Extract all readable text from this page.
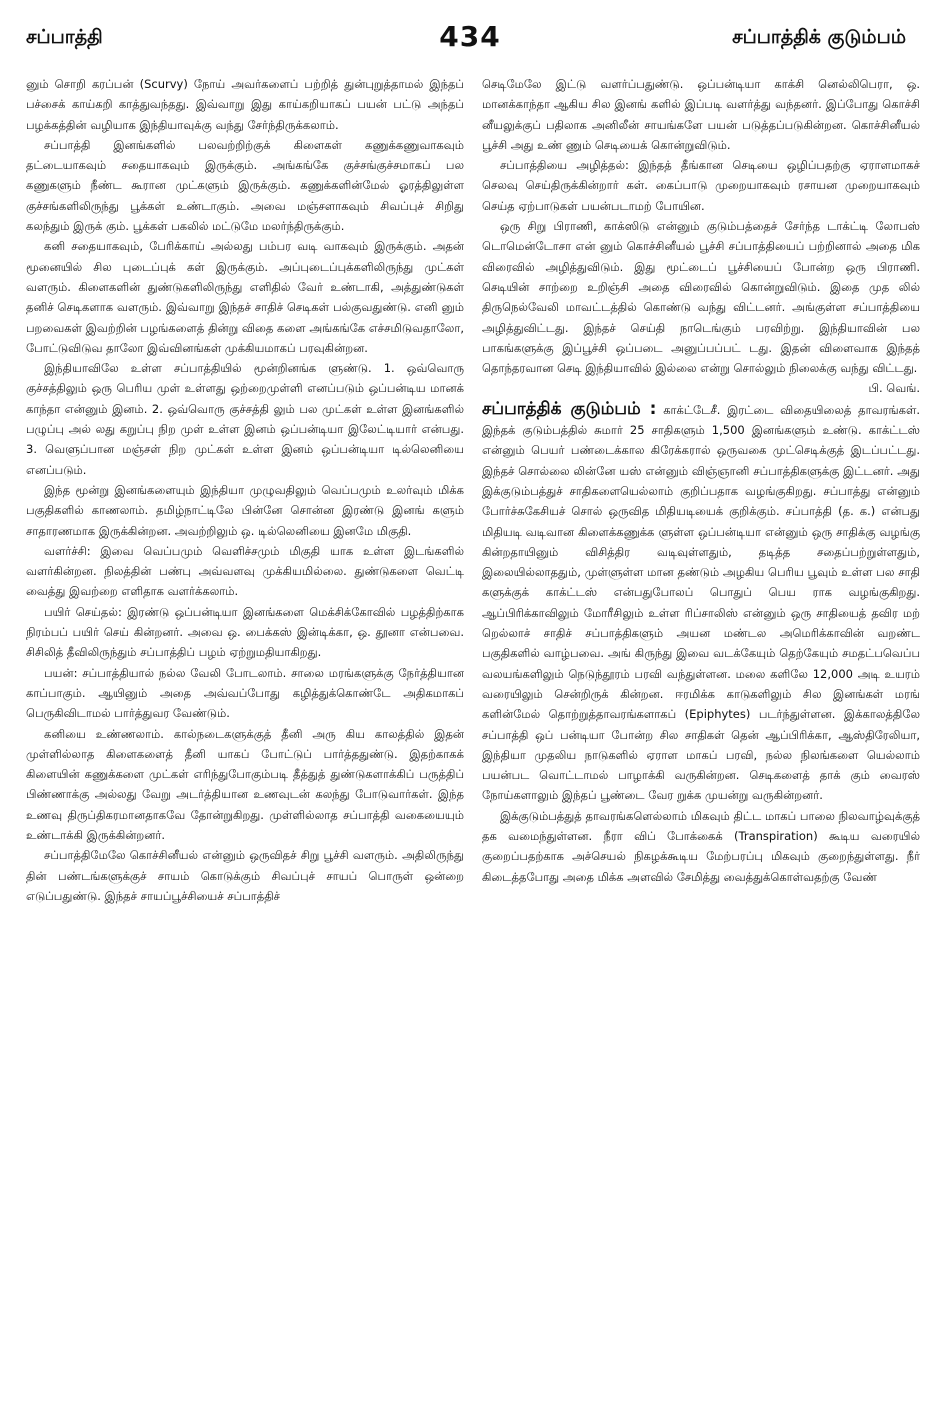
சப்பாத்தி	434	சப்பாத்திக் குடும்பம்

னும் சொறி கரப்பன் (Scurvy) நோய் அவர்களைப் பற்றித் துன்புறுத்தாமல் இந்தப் பச்சைக் காய்கறி காத்துவந்தது. இவ்வாறு இது காய்கறியாகப் பயன் பட்டு அந்தப் பழக்கத்தின் வழியாக இந்தியாவுக்கு வந்து சேர்ந்திருக்கலாம்.

சப்பாத்தி இனங்களில் பலவற்றிற்குக் கிளைகள் கணுக்கணுவாகவும் தட்டையாகவும் சதையாகவும் இருக்கும். அங்கங்கே குச்சங்குச்சமாகப் பல கணுகளும் நீண்ட கூரான முட்களும் இருக்கும். கணுக்களின்மேல் ஓரத்திலுள்ள குச்சங்களிலிருந்து பூக்கள் உண்டாகும். அவை மஞ்சளாகவும் சிவப்புச் சிறிது கலந்தும் இருக் கும். பூக்கள் பகலில் மட்டுமே மலர்ந்திருக்கும்.

கனி சதையாகவும், பேரிக்காய் அல்லது பம்பர வடி வாகவும் இருக்கும். அதன் மூனையில் சில புடைப்புக் கள் இருக்கும். அப்புடைப்புக்களிலிருந்து முட்கள் வளரும். கிளைகளின் துண்டுகளிலிருந்து எளிதில் வேர் உண்டாகி, அத்துண்டுகள் தனிச் செடிகளாக வளரும். இவ்வாறு இந்தச் சாதிச் செடிகள் பல்குவதுண்டு. எனி னும் பறவைகள் இவற்றின் பழங்களைத் தின்று விதை களை அங்கங்கே எச்சமிடுவதாலோ, போட்டுவிடுவ தாலோ இவ்வினங்கள் முக்கியமாகப் பரவுகின்றன.

இந்தியாவிலே உள்ள சப்பாத்தியில் மூன்றினங்க ளுண்டு. 1. ஒவ்வொரு குச்சத்திலும் ஒரு பெரிய முள் உள்ளது ஒற்றைமுள்ளி எனப்படும் ஒப்பன்டிய மானக் காந்தா என்னும் இனம். 2. ஒவ்வொரு குச்சத்தி லும் பல முட்கள் உள்ள இனங்களில் பழுப்பு அல் லது கறுப்பு நிற முள் உள்ள இனம் ஒப்பன்டியா இலேட்டியார் என்பது. 3. வெளுப்பான மஞ்சள் நிற முட்கள் உள்ள இனம் ஒப்பன்டியா டில்லெனியை எனப்படும்.

இந்த மூன்று இனங்களையும் இந்தியா முழுவதிலும் வெப்பமும் உலர்வும் மிக்க பகுதிகளில் காணலாம். தமிழ்நாட்டிலே பின்னே சொன்ன இரண்டு இனங் களும் சாதாரணமாக இருக்கின்றன. அவற்றிலும் ஒ. டில்லெனியை இனமே மிகுதி.

வளர்ச்சி: இவை வெப்பமும் வெளிச்சமும் மிகுதி யாக உள்ள இடங்களில் வளர்கின்றன. நிலத்தின் பண்பு அவ்வளவு முக்கியமில்லை. துண்டுகளை வெட்டி வைத்து இவற்றை எளிதாக வளர்க்கலாம்.

பயிர் செய்தல்: இரண்டு ஒப்பன்டியா இனங்களை மெக்சிக்கோவில் பழத்திற்காக நிரம்பப் பயிர் செய் கின்றனர். அவை ஒ. பைக்கஸ் இன்டிக்கா, ஒ. தூனா என்பவை. சிசிலித் தீவிலிருந்தும் சப்பாத்திப் பழம் ஏற்றுமதியாகிறது.

பயன்: சப்பாத்தியால் நல்ல வேலி போடலாம். சாலை மரங்களுக்கு நேர்த்தியான காப்பாகும். ஆயினும் அதை அவ்வப்போது கழித்துக்கொண்டே அதிகமாகப் பெருகிவிடாமல் பார்த்துவர வேண்டும்.

கனியை உண்ணலாம். கால்நடைகளுக்குத் தீனி அரு கிய காலத்தில் இதன் முள்ளில்லாத கிளைகளைத் தீனி யாகப் போட்டுப் பார்த்ததுண்டு. இதற்காகக் கிளையின் கணுக்களை முட்கள் எரிந்துபோகும்படி தீத்துத் துண்டுகளாக்கிப் பருத்திப் பிண்ணாக்கு அல்லது வேறு அடர்த்தியான உணவுடன் கலந்து போடுவார்கள். இந்த உணவு திருப்திகரமானதாகவே தோன்றுகிறது. முள்ளில்லாத சப்பாத்தி வகையையும் உண்டாக்கி இருக்கின்றனர்.

சப்பாத்திமேலே கொச்சினீயல் என்னும் ஒருவிதச் சிறு பூச்சி வளரும். அதிலிருந்து தின் பண்டங்களுக்குச் சாயம் கொடுக்கும் சிவப்புச் சாயப் பொருள் ஒன்றை எடுப்பதுண்டு. இந்தச் சாயப்பூச்சியைச் சப்பாத்திச்

செடிமேலே இட்டு வளர்ப்பதுண்டு. ஒப்பன்டியா காக்சி னெல்லிபெரா, ஒ. மானக்காந்தா ஆகிய சில இனங் களில் இப்படி வளர்த்து வந்தனர். இப்போது கொச்சி னீயலுக்குப் பதிலாக அனிலீன் சாயங்களே பயன் படுத்தப்படுகின்றன. கொச்சினீயல் பூச்சி அது உண் ணும் செடியைக் கொன்றுவிடும்.

சப்பாத்தியை அழித்தல்: இந்தத் தீங்கான செடியை ஒழிப்பதற்கு ஏராளமாகச் செலவு செய்திருக்கின்றார் கள். கைப்பாடு முறையாகவும் ரசாயன முறையாகவும் செய்த ஏற்பாடுகள் பயன்படாமற் போயின.

ஒரு சிறு பிராணி, காக்ஸிடு என்னும் குடும்பத்தைச் சேர்ந்த டாக்ட்டி லோபஸ் டொமென்டோசா என் னும் கொச்சினீயல் பூச்சி சப்பாத்தியைப் பற்றினால் அதை மிக விரைவில் அழித்துவிடும். இது மூட்டைப் பூச்சியைப் போன்ற ஒரு பிராணி. செடியின் சாற்றை உறிஞ்சி அதை விரைவில் கொன்றுவிடும். இதை முத லில் திருநெல்வேலி மாவட்டத்தில் கொண்டு வந்து விட்டனர். அங்குள்ள சப்பாத்தியை அழித்துவிட்டது. இந்தச் செய்தி நாடெங்கும் பரவிற்று. இந்தியாவின் பல பாகங்களுக்கு இப்பூச்சி ஒப்படை அனுப்பப்பட் டது. இதன் விளைவாக இந்தத் தொந்தரவான செடி இந்தியாவில் இல்லை என்று சொல்லும் நிலைக்கு வந்து விட்டது.

பி. வெங்.

சப்பாத்திக் குடும்பம் : காக்ட்டேசீ. இரட்டை விதையிலைத் தாவரங்கள். இந்தக் குடும்பத்தில் சுமார் 25 சாதிகளும் 1,500 இனங்களும் உண்டு. காக்ட்டஸ் என்னும் பெயர் பண்டைக்கால கிரேக்கரால் ஒருவகை முட்செடிக்குத் இடப்பட்டது. இந்தச் சொல்லை லின்னே யஸ் என்னும் விஞ்ஞானி சப்பாத்திகளுக்கு இட்டனர். அது இக்குடும்பத்துச் சாதிகளையெல்லாம் குறிப்பதாக வழங்குகிறது. சப்பாத்து என்னும் போர்ச்சுகேசியச் சொல் ஒருவித மிதியடியைக் குறிக்கும். சப்பாத்தி (த. க.) என்பது மிதியடி வடிவான கிளைக்கணுக்க ளுள்ள ஒப்பன்டியா என்னும் ஒரு சாதிக்கு வழங்கு கின்றதாயினும் விசித்திர வடிவுள்ளதும், தடித்த சதைப்பற்றுள்ளதும், இலையில்லாததும், முள்ளுள்ள மான தண்டும் அழகிய பெரிய பூவும் உள்ள பல சாதி களுக்குக் காக்ட்டஸ் என்பதுபோலப் பொதுப் பெய ராக வழங்குகிறது. ஆப்பிரிக்காவிலும் மோரீசிலும் உள்ள ரிப்சாலிஸ் என்னும் ஒரு சாதியைத் தவிர மற் றெல்லாச் சாதிச் சப்பாத்திகளும் அயன மண்டல அமெரிக்காவின் வறண்ட பகுதிகளில் வாழ்பவை. அங் கிருந்து இவை வடக்கேயும் தெற்கேயும் சமதட்பவெப்ப வலயங்களிலும் நெடுந்தூரம் பரவி வந்துள்ளன. மலை களிலே 12,000 அடி உயரம் வரையிலும் சென்றிருக் கின்றன. ஈரமிக்க காடுகளிலும் சில இனங்கள் மரங் களின்மேல் தொற்றுத்தாவரங்களாகப் (Epiphytes) படர்ந்துள்ளன. இக்காலத்திலே சப்பாத்தி ஒப் பன்டியா போன்ற சில சாதிகள் தென் ஆப்பிரிக்கா, ஆஸ்திரேலியா, இந்தியா முதலிய நாடுகளில் ஏராள மாகப் பரவி, நல்ல நிலங்களை யெல்லாம் பயன்பட வொட்டாமல் பாழாக்கி வருகின்றன. செடிகளைத் தாக் கும் வைரஸ் நோய்களாலும் இந்தப் பூண்டை வேர றுக்க முயன்று வருகின்றனர்.

இக்குடும்பத்துத் தாவரங்களெல்லாம் மிகவும் திட்ட மாகப் பாலை நிலவாழ்வுக்குத் தக வமைந்துள்ளன. நீரா விப் போக்கைக் (Transpiration) கூடிய வரையில் குறைப்பதற்காக அச்செயல் நிகழக்கூடிய மேற்பரப்பு மிகவும் குறைந்துள்ளது. நீர் கிடைத்தபோது அதை மிக்க அளவில் சேமித்து வைத்துக்கொள்வதற்கு வேண்
